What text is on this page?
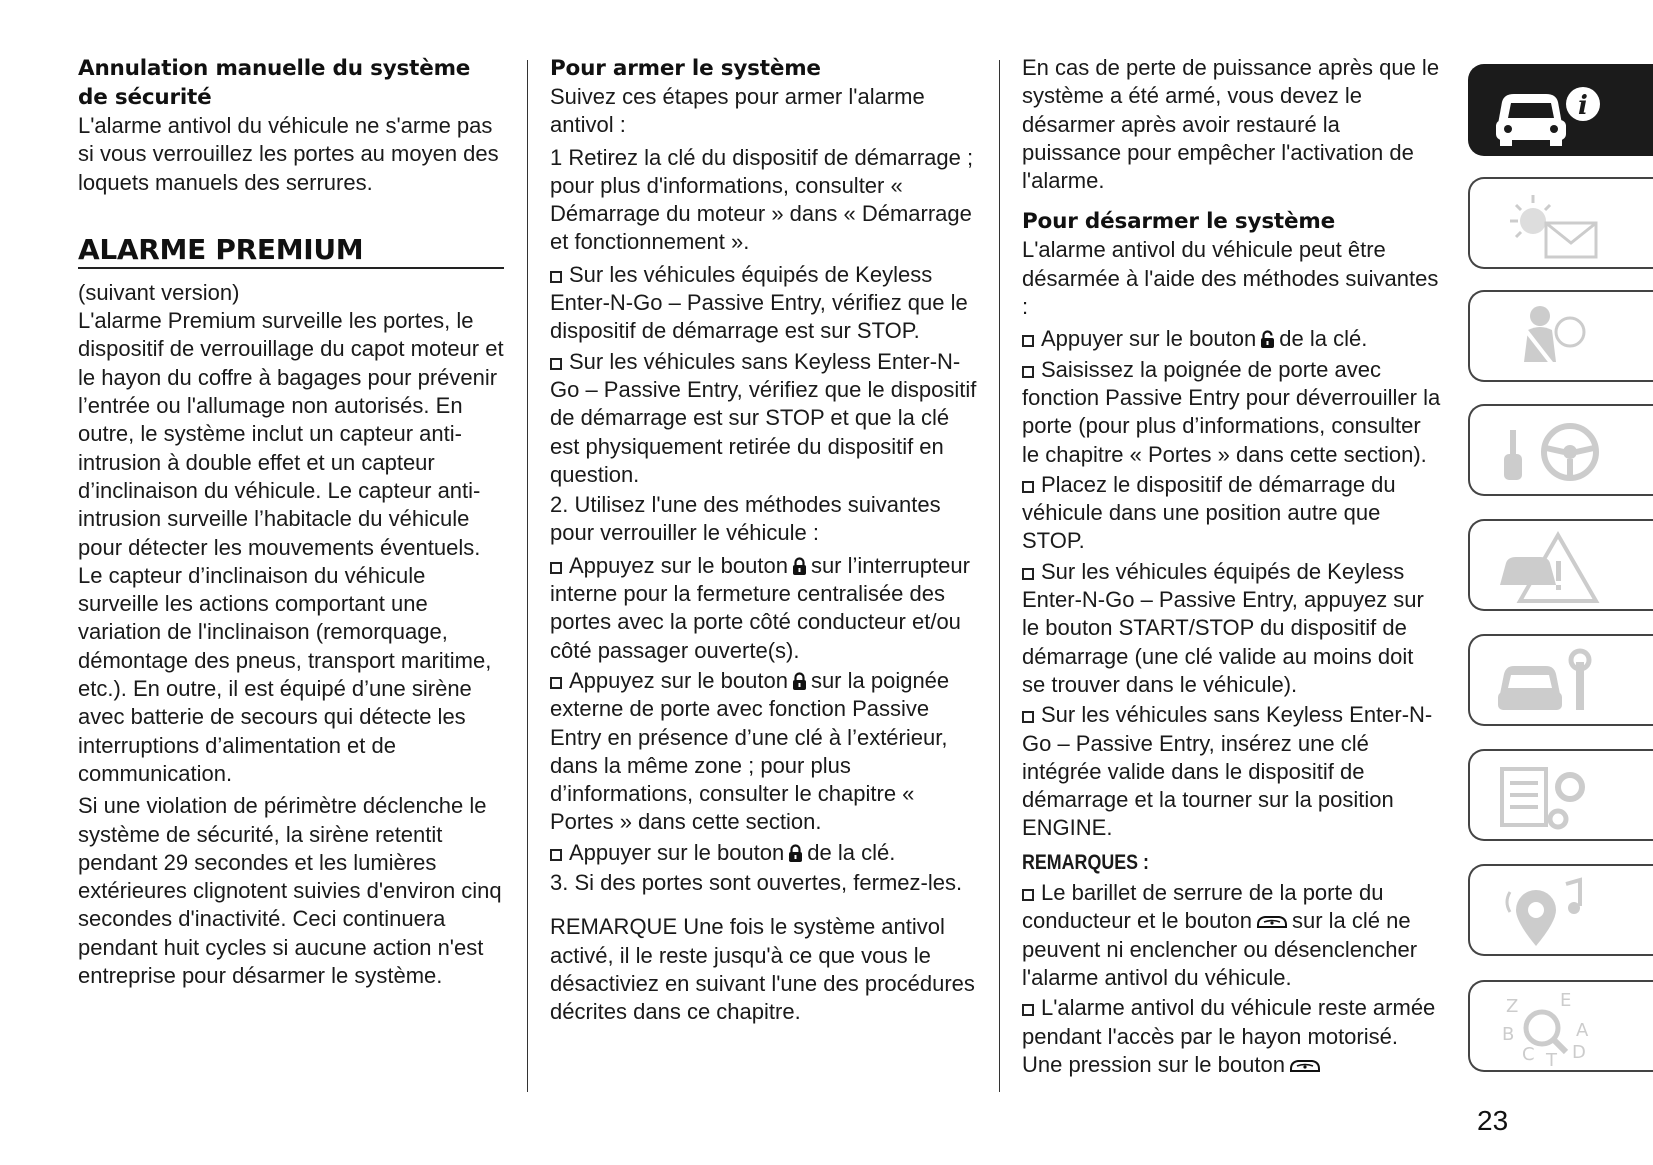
Annulation manuelle du système de sécurité

L'alarme antivol du véhicule ne s'arme pas si vous verrouillez les portes au moyen des loquets manuels des serrures.

ALARME PREMIUM

(suivant version)

L'alarme Premium surveille les portes, le dispositif de verrouillage du capot moteur et le hayon du coffre à bagages pour prévenir l’entrée ou l'allumage non autorisés. En outre, le système inclut un capteur anti-intrusion à double effet et un capteur d’inclinaison du véhicule. Le capteur anti-intrusion surveille l’habitacle du véhicule pour détecter les mouvements éventuels. Le capteur d’inclinaison du véhicule surveille les actions comportant une variation de l'inclinaison (remorquage, démontage des pneus, transport maritime, etc.). En outre, il est équipé d’une sirène avec batterie de secours qui détecte les interruptions d’alimentation et de communication.

Si une violation de périmètre déclenche le système de sécurité, la sirène retentit pendant 29 secondes et les lumières extérieures clignotent suivies d'environ cinq secondes d'inactivité. Ceci continuera pendant huit cycles si aucune action n'est entreprise pour désarmer le système.

Pour armer le système

Suivez ces étapes pour armer l'alarme antivol :

1 Retirez la clé du dispositif de démarrage ; pour plus d'informations, consulter « Démarrage du moteur » dans « Démarrage et fonctionnement ».

Sur les véhicules équipés de Keyless Enter-N-Go – Passive Entry, vérifiez que le dispositif de démarrage est sur STOP.
Sur les véhicules sans Keyless Enter-N-Go – Passive Entry, vérifiez que le dispositif de démarrage est sur STOP et que la clé est physiquement retirée du dispositif en question.

2. Utilisez l'une des méthodes suivantes pour verrouiller le véhicule :

Appuyez sur le bouton sur l’interrupteur interne pour la fermeture centralisée des portes avec la porte côté conducteur et/ou côté passager ouverte(s).
Appuyez sur le bouton sur la poignée externe de porte avec fonction Passive Entry en présence d’une clé à l’extérieur, dans la même zone ; pour plus d’informations, consulter le chapitre « Portes » dans cette section.
Appuyer sur le bouton de la clé.

3. Si des portes sont ouvertes, fermez-les.

REMARQUE Une fois le système antivol activé, il le reste jusqu'à ce que vous le désactiviez en suivant l'une des procédures décrites dans ce chapitre.

En cas de perte de puissance après que le système a été armé, vous devez le désarmer après avoir restauré la puissance pour empêcher l'activation de l'alarme.

Pour désarmer le système

L'alarme antivol du véhicule peut être désarmée à l'aide des méthodes suivantes :

Appuyer sur le bouton de la clé.
Saisissez la poignée de porte avec fonction Passive Entry pour déverrouiller la porte (pour plus d’informations, consulter le chapitre « Portes » dans cette section).
Placez le dispositif de démarrage du véhicule dans une position autre que STOP.
Sur les véhicules équipés de Keyless Enter-N-Go – Passive Entry, appuyez sur le bouton START/STOP du dispositif de démarrage (une clé valide au moins doit se trouver dans le véhicule).
Sur les véhicules sans Keyless Enter-N-Go – Passive Entry, insérez une clé intégrée valide dans le dispositif de démarrage et la tourner sur la position ENGINE.
REMARQUES :
Le barillet de serrure de la porte du conducteur et le bouton sur la clé ne peuvent ni enclencher ou désenclencher l'alarme antivol du véhicule.
L'alarme antivol du véhicule reste armée pendant l'accès par le hayon motorisé. Une pression sur le bouton
i
Z E
B	A
C D
T
23
